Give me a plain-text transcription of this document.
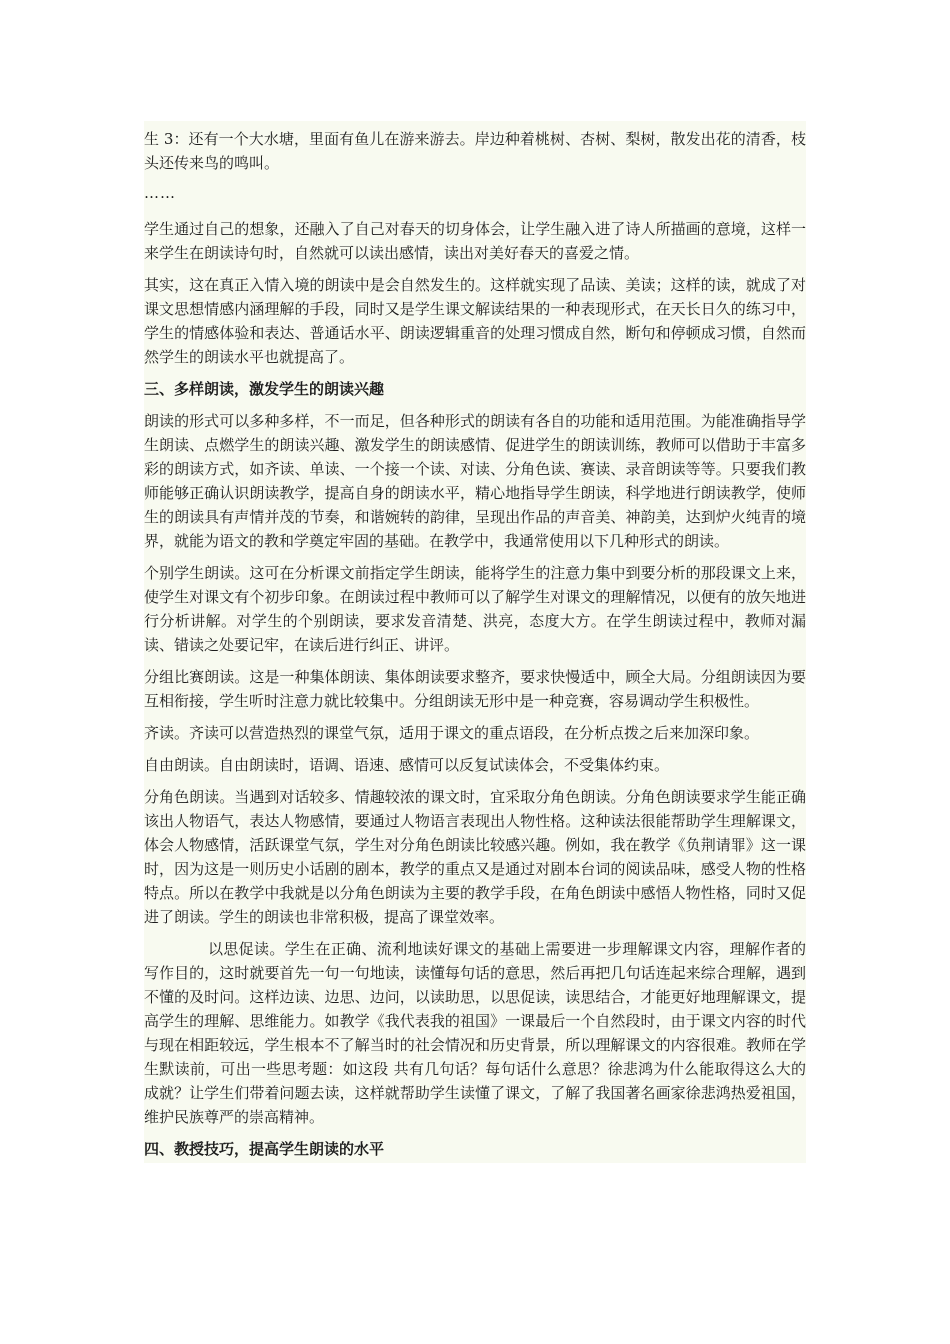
生 3：还有一个大水塘，里面有鱼儿在游来游去。岸边种着桃树、杏树、梨树，散发出花的清香，枝头还传来鸟的鸣叫。

……

学生通过自己的想象，还融入了自己对春天的切身体会，让学生融入进了诗人所描画的意境，这样一来学生在朗读诗句时，自然就可以读出感情，读出对美好春天的喜爱之情。

其实，这在真正入情入境的朗读中是会自然发生的。这样就实现了品读、美读；这样的读，就成了对课文思想情感内涵理解的手段，同时又是学生课文解读结果的一种表现形式，在天长日久的练习中，学生的情感体验和表达、普通话水平、朗读逻辑重音的处理习惯成自然，断句和停顿成习惯，自然而然学生的朗读水平也就提高了。

三、多样朗读，激发学生的朗读兴趣

朗读的形式可以多种多样，不一而足，但各种形式的朗读有各自的功能和适用范围。为能准确指导学生朗读、点燃学生的朗读兴趣、激发学生的朗读感情、促进学生的朗读训练，教师可以借助于丰富多彩的朗读方式，如齐读、单读、一个接一个读、对读、分角色读、赛读、录音朗读等等。只要我们教师能够正确认识朗读教学，提高自身的朗读水平，精心地指导学生朗读，科学地进行朗读教学，使师生的朗读具有声情并茂的节奏，和谐婉转的韵律，呈现出作品的声音美、神韵美，达到炉火纯青的境界，就能为语文的教和学奠定牢固的基础。在教学中，我通常使用以下几种形式的朗读。

个别学生朗读。这可在分析课文前指定学生朗读，能将学生的注意力集中到要分析的那段课文上来，使学生对课文有个初步印象。在朗读过程中教师可以了解学生对课文的理解情况，以便有的放矢地进行分析讲解。对学生的个别朗读，要求发音清楚、洪亮，态度大方。在学生朗读过程中，教师对漏读、错读之处要记牢，在读后进行纠正、讲评。

分组比赛朗读。这是一种集体朗读、集体朗读要求整齐，要求快慢适中，顾全大局。分组朗读因为要互相衔接，学生听时注意力就比较集中。分组朗读无形中是一种竞赛，容易调动学生积极性。

齐读。齐读可以营造热烈的课堂气氛，适用于课文的重点语段，在分析点拨之后来加深印象。

自由朗读。自由朗读时，语调、语速、感情可以反复试读体会，不受集体约束。

分角色朗读。当遇到对话较多、情趣较浓的课文时，宜采取分角色朗读。分角色朗读要求学生能正确该出人物语气，表达人物感情，要通过人物语言表现出人物性格。这种读法很能帮助学生理解课文，体会人物感情，活跃课堂气氛，学生对分角色朗读比较感兴趣。例如，我在教学《负荆请罪》这一课时，因为这是一则历史小话剧的剧本，教学的重点又是通过对剧本台词的阅读品味，感受人物的性格特点。所以在教学中我就是以分角色朗读为主要的教学手段，在角色朗读中感悟人物性格，同时又促进了朗读。学生的朗读也非常积极，提高了课堂效率。

以思促读。学生在正确、流利地读好课文的基础上需要进一步理解课文内容，理解作者的写作目的，这时就要首先一句一句地读，读懂每句话的意思，然后再把几句话连起来综合理解，遇到不懂的及时问。这样边读、边思、边问，以读助思，以思促读，读思结合，才能更好地理解课文，提高学生的理解、思维能力。如教学《我代表我的祖国》一课最后一个自然段时，由于课文内容的时代与现在相距较远，学生根本不了解当时的社会情况和历史背景，所以理解课文的内容很难。教师在学生默读前，可出一些思考题：如这段 共有几句话？每句话什么意思？徐悲鸿为什么能取得这么大的成就？让学生们带着问题去读，这样就帮助学生读懂了课文，了解了我国著名画家徐悲鸿热爱祖国，维护民族尊严的崇高精神。

四、教授技巧，提高学生朗读的水平
